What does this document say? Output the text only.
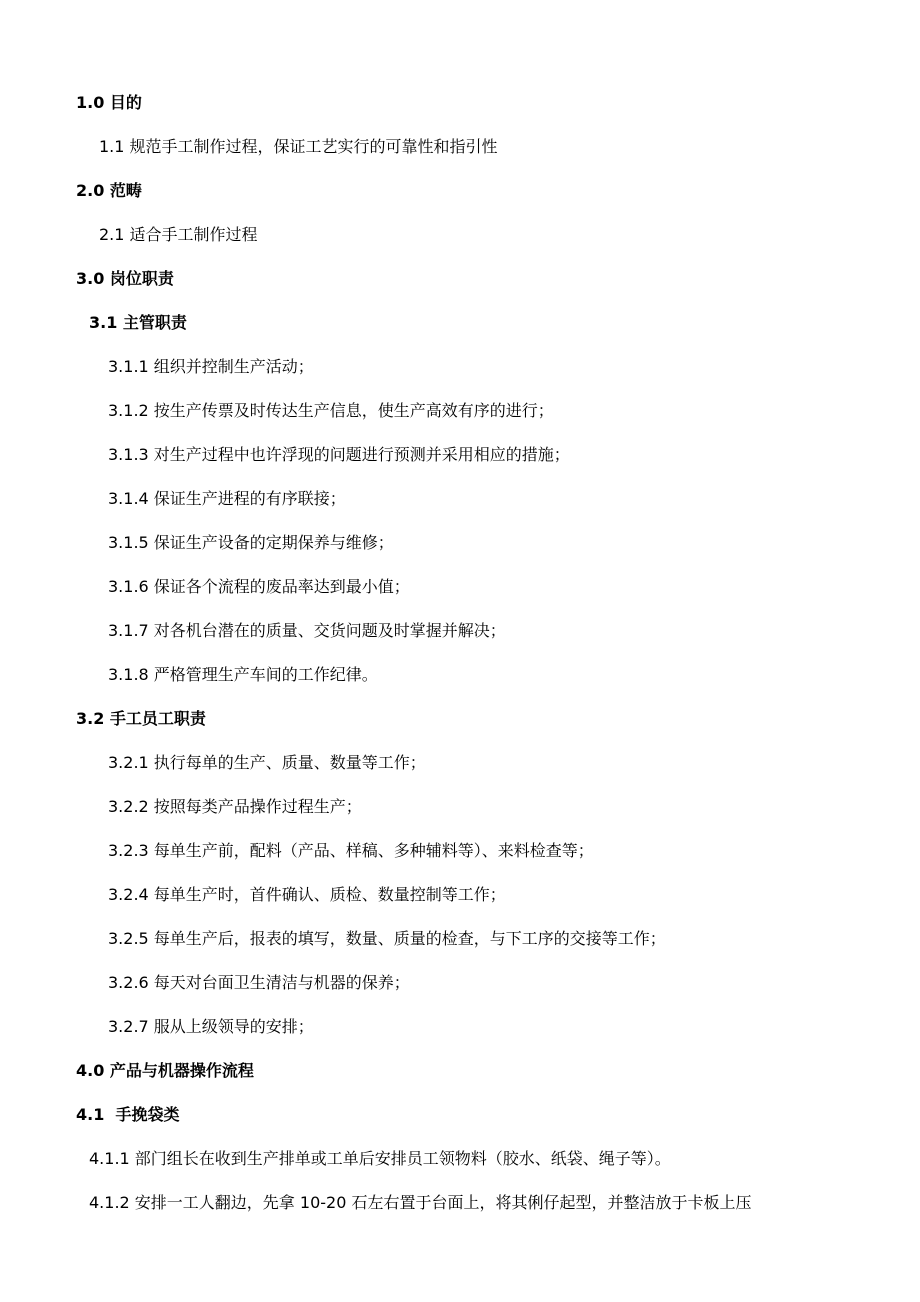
1.0 目的
1.1 规范手工制作过程，保证工艺实行的可靠性和指引性
2.0 范畴
2.1 适合手工制作过程
3.0 岗位职责
3.1 主管职责
3.1.1 组织并控制生产活动；
3.1.2 按生产传票及时传达生产信息，使生产高效有序的进行；
3.1.3 对生产过程中也许浮现的问题进行预测并采用相应的措施；
3.1.4 保证生产进程的有序联接；
3.1.5 保证生产设备的定期保养与维修；
3.1.6 保证各个流程的废品率达到最小值；
3.1.7 对各机台潜在的质量、交货问题及时掌握并解决；
3.1.8 严格管理生产车间的工作纪律。
3.2 手工员工职责
3.2.1 执行每单的生产、质量、数量等工作；
3.2.2 按照每类产品操作过程生产；
3.2.3 每单生产前，配料（产品、样稿、多种辅料等）、来料检查等；
3.2.4 每单生产时，首件确认、质检、数量控制等工作；
3.2.5 每单生产后，报表的填写，数量、质量的检查，与下工序的交接等工作；
3.2.6 每天对台面卫生清洁与机器的保养；
3.2.7 服从上级领导的安排；
4.0 产品与机器操作流程
4.1  手挽袋类
4.1.1 部门组长在收到生产排单或工单后安排员工领物料（胶水、纸袋、绳子等）。
4.1.2 安排一工人翻边，先拿 10-20 石左右置于台面上，将其俐仔起型，并整洁放于卡板上压
